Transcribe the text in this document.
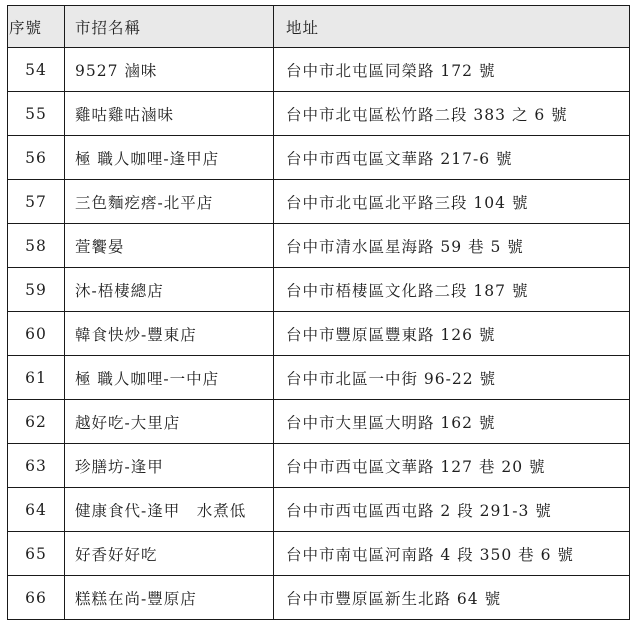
序號	市招名稱	地址
54	9527 滷味	台中市北屯區同榮路 172 號
55	雞咕雞咕滷味	台中市北屯區松竹路二段 383 之 6 號
56	極 職人咖哩-逢甲店	台中市西屯區文華路 217-6 號
57	三色麵疙瘩-北平店	台中市北屯區北平路三段 104 號
58	萱饗晏	台中市清水區星海路 59 巷 5 號
59	沐-梧棲總店	台中市梧棲區文化路二段 187 號
60	韓食快炒-豐東店	台中市豐原區豐東路 126 號
61	極 職人咖哩-一中店	台中市北區一中街 96-22 號
62	越好吃-大里店	台中市大里區大明路 162 號
63	珍膳坊-逢甲	台中市西屯區文華路 127 巷 20 號
64	健康食代-逢甲　水煮低	台中市西屯區西屯路 2 段 291-3 號
65	好香好好吃	台中市南屯區河南路 4 段 350 巷 6 號
66	糕糕在尚-豐原店	台中市豐原區新生北路 64 號
